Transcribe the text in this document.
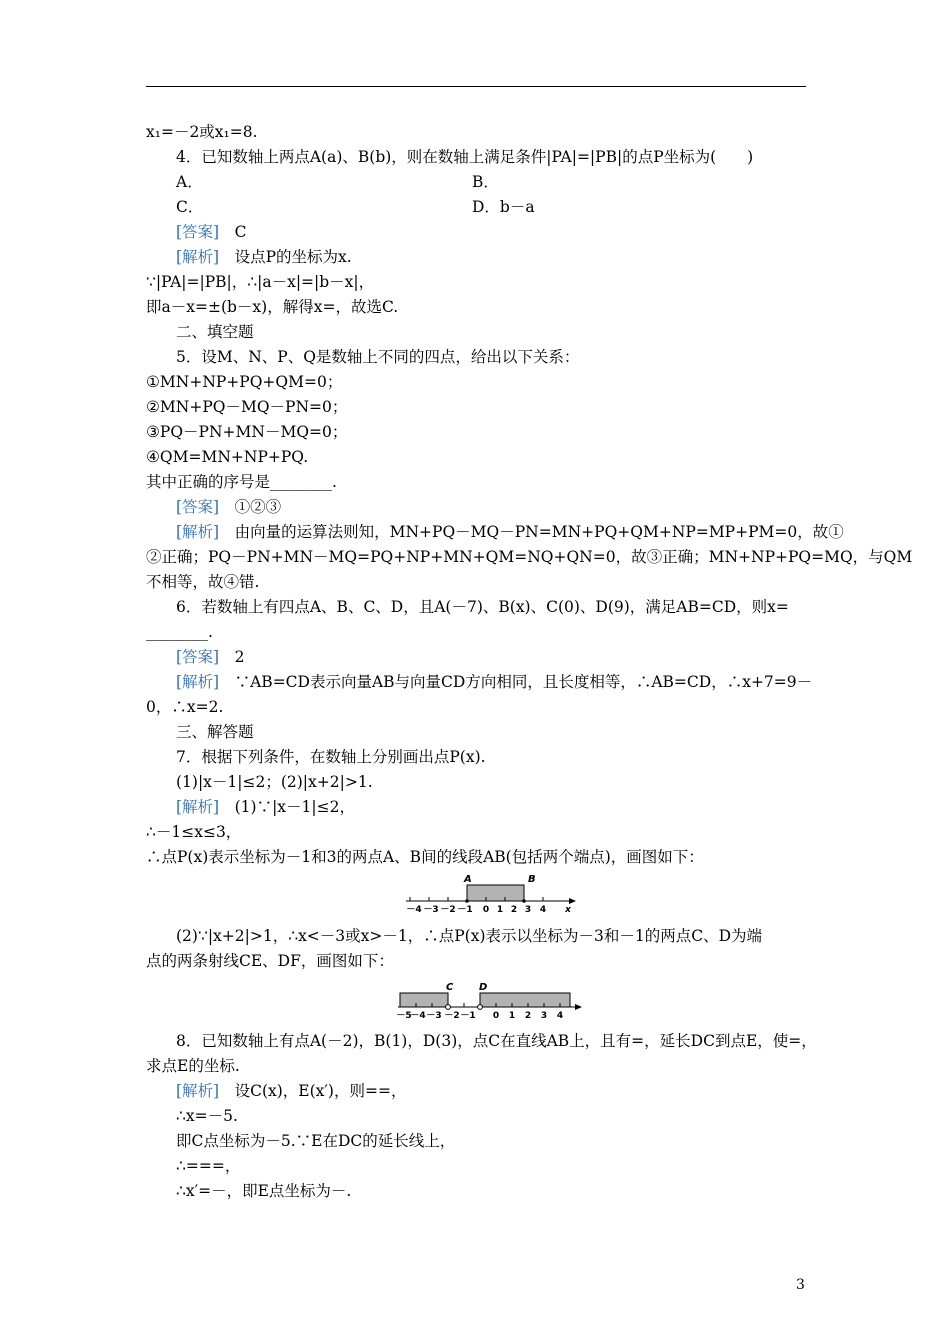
x₁=－2或x₁=8.
4．已知数轴上两点A(a)、B(b)，则在数轴上满足条件|PA|=|PB|的点P坐标为(　　)
A．	B．
C．	D．b－a
[答案]　C
[解析]　设点P的坐标为x.
∵|PA|=|PB|，∴|a－x|=|b－x|，
即a－x=±(b－x)，解得x=，故选C.
二、填空题
5．设M、N、P、Q是数轴上不同的四点，给出以下关系：
①MN+NP+PQ+QM=0；
②MN+PQ－MQ－PN=0；
③PQ－PN+MN－MQ=0；
④QM=MN+NP+PQ.
其中正确的序号是________.
[答案]　①②③
[解析]　由向量的运算法则知，MN+PQ－MQ－PN=MN+PQ+QM+NP=MP+PM=0，故①
②正确；PQ－PN+MN－MQ=PQ+NP+MN+QM=NQ+QN=0，故③正确；MN+NP+PQ=MQ，与QM
不相等，故④错.
6．若数轴上有四点A、B、C、D，且A(－7)、B(x)、C(0)、D(9)，满足AB=CD，则x=
________.
[答案]　2
[解析]　∵AB=CD表示向量AB与向量CD方向相同，且长度相等，∴AB=CD，∴x+7=9－
0，∴x=2.
三、解答题
7．根据下列条件，在数轴上分别画出点P(x).
(1)|x－1|≤2；(2)|x+2|>1.
[解析]　(1)∵|x－1|≤2，
∴－1≤x≤3，
∴点P(x)表示坐标为－1和3的两点A、B间的线段AB(包括两个端点)，画图如下：
A	B
－4 －3 －2 －1 0 1 2 3 4 x
(2)∵|x+2|>1，∴x<－3或x>－1，∴点P(x)表示以坐标为－3和－1的两点C、D为端
点的两条射线CE、DF，画图如下：
C	D
－5
－4 －3 －2 －1 0 1 2 3 4
8．已知数轴上有点A(－2)，B(1)，D(3)，点C在直线AB上，且有=，延长DC到点E，使=，
求点E的坐标.
[解析]　设C(x)，E(x′)，则==，
∴x=－5.
即C点坐标为－5.∵E在DC的延长线上，
∴===，
∴x′=－，即E点坐标为－.
3
